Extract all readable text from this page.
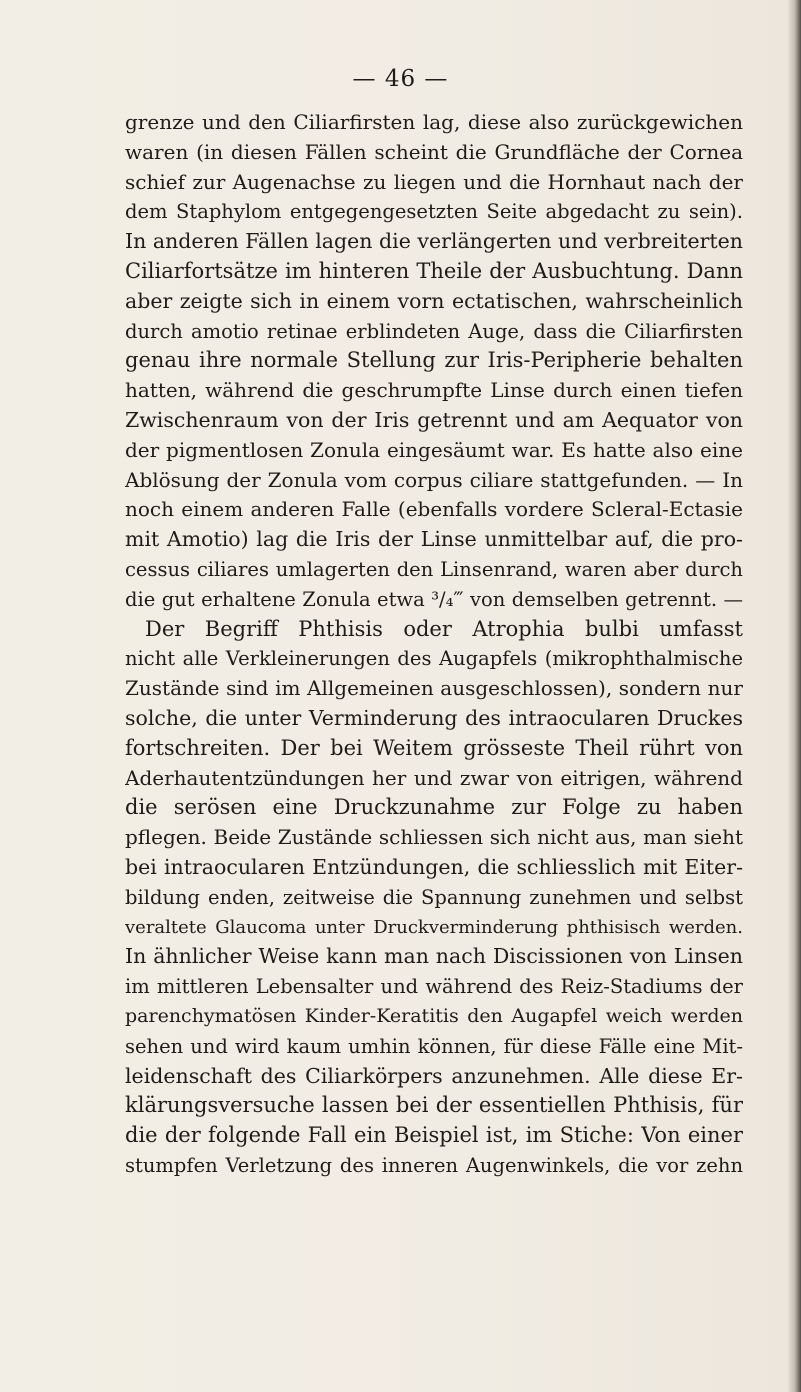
— 46 —
grenze und den Ciliarfirsten lag, diese also zurückgewichen
waren (in diesen Fällen scheint die Grundfläche der Cornea
schief zur Augenachse zu liegen und die Hornhaut nach der
dem Staphylom entgegengesetzten Seite abgedacht zu sein).
In anderen Fällen lagen die verlängerten und verbreiterten
Ciliarfortsätze im hinteren Theile der Ausbuchtung. Dann
aber zeigte sich in einem vorn ectatischen, wahrscheinlich
durch amotio retinae erblindeten Auge, dass die Ciliarfirsten
genau ihre normale Stellung zur Iris-Peripherie behalten
hatten, während die geschrumpfte Linse durch einen tiefen
Zwischenraum von der Iris getrennt und am Aequator von
der pigmentlosen Zonula eingesäumt war. Es hatte also eine
Ablösung der Zonula vom corpus ciliare stattgefunden. — In
noch einem anderen Falle (ebenfalls vordere Scleral-Ectasie
mit Amotio) lag die Iris der Linse unmittelbar auf, die pro-
cessus ciliares umlagerten den Linsenrand, waren aber durch
die gut erhaltene Zonula etwa ³/₄‴ von demselben getrennt. —
Der Begriff Phthisis oder Atrophia bulbi umfasst
nicht alle Verkleinerungen des Augapfels (mikrophthalmische
Zustände sind im Allgemeinen ausgeschlossen), sondern nur
solche, die unter Verminderung des intraocularen Druckes
fortschreiten. Der bei Weitem grösseste Theil rührt von
Aderhautentzündungen her und zwar von eitrigen, während
die serösen eine Druckzunahme zur Folge zu haben
pflegen. Beide Zustände schliessen sich nicht aus, man sieht
bei intraocularen Entzündungen, die schliesslich mit Eiter-
bildung enden, zeitweise die Spannung zunehmen und selbst
veraltete Glaucoma unter Druckverminderung phthisisch werden.
In ähnlicher Weise kann man nach Discissionen von Linsen
im mittleren Lebensalter und während des Reiz-Stadiums der
parenchymatösen Kinder-Keratitis den Augapfel weich werden
sehen und wird kaum umhin können, für diese Fälle eine Mit-
leidenschaft des Ciliarkörpers anzunehmen. Alle diese Er-
klärungsversuche lassen bei der essentiellen Phthisis, für
die der folgende Fall ein Beispiel ist, im Stiche: Von einer
stumpfen Verletzung des inneren Augenwinkels, die vor zehn
